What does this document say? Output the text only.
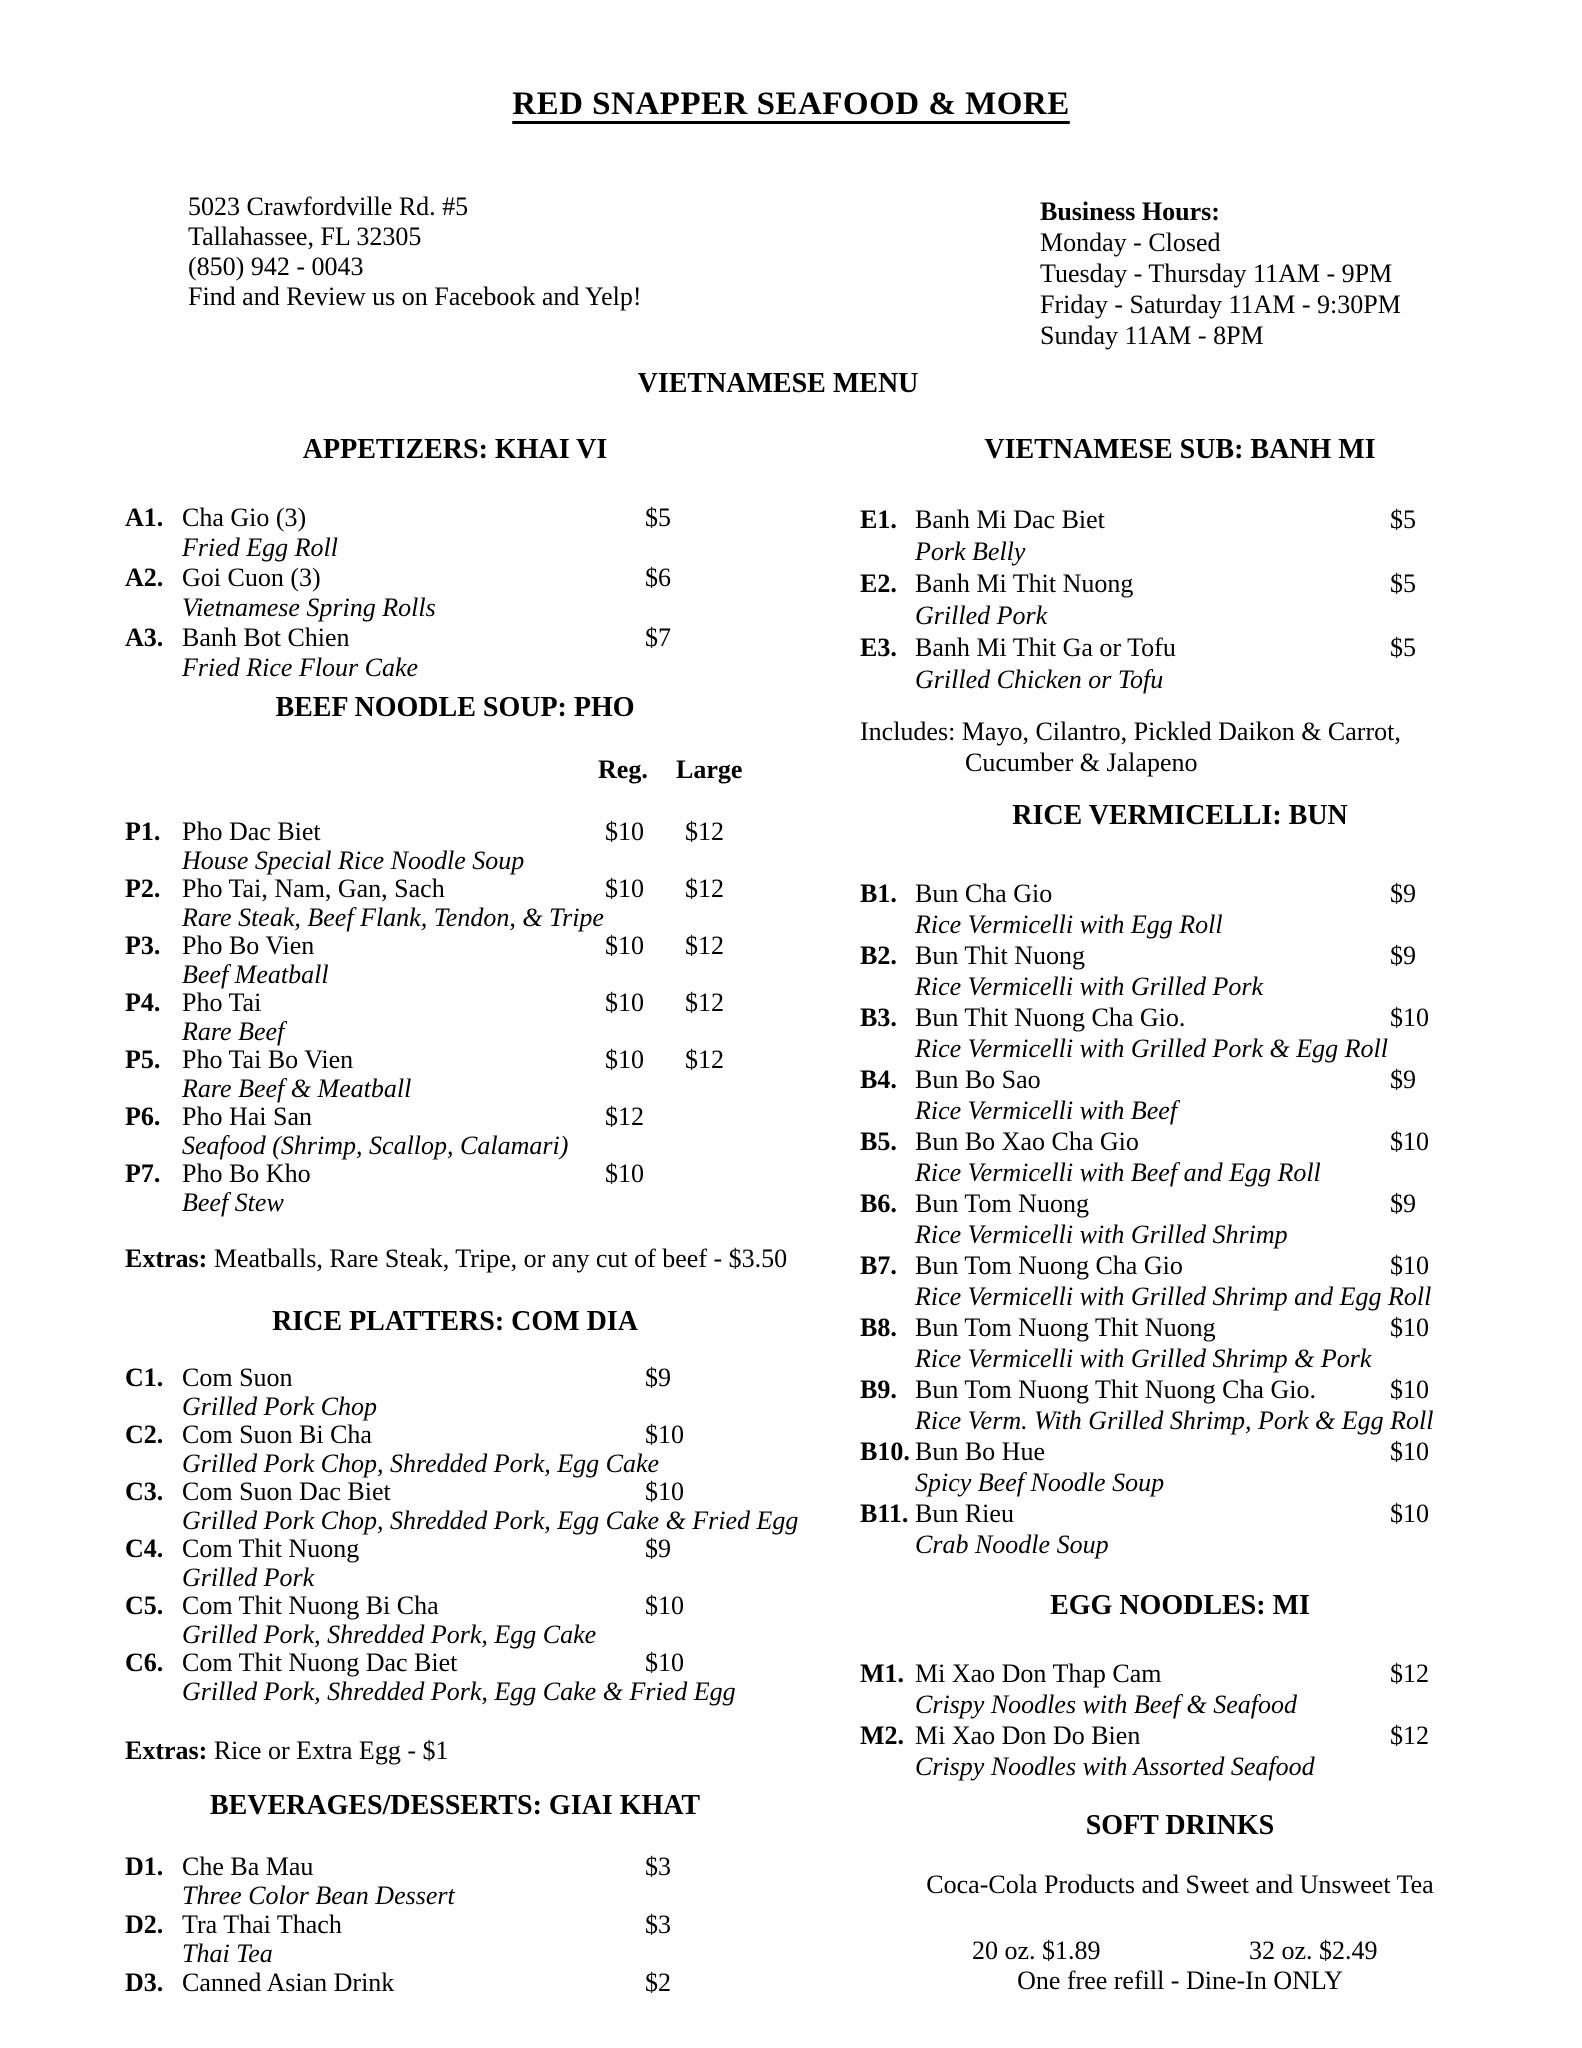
RED SNAPPER SEAFOOD & MORE
5023 Crawfordville Rd. #5
Tallahassee, FL 32305
(850) 942 - 0043
Find and Review us on Facebook and Yelp!
Business Hours:
Monday - Closed
Tuesday - Thursday 11AM - 9PM
Friday - Saturday 11AM - 9:30PM
Sunday 11AM - 8PM
VIETNAMESE MENU
APPETIZERS: KHAI VI
A1. Cha Gio (3)	$5
Fried Egg Roll
A2. Goi Cuon (3)	$6
Vietnamese Spring Rolls
A3. Banh Bot Chien	$7
Fried Rice Flour Cake
BEEF NOODLE SOUP: PHO
Reg. Large
P1. Pho Dac Biet	$10	$12
House Special Rice Noodle Soup
P2. Pho Tai, Nam, Gan, Sach	$10	$12
Rare Steak, Beef Flank, Tendon, & Tripe
P3. Pho Bo Vien	$10	$12
Beef Meatball
P4. Pho Tai	$10	$12
Rare Beef
P5. Pho Tai Bo Vien	$10	$12
Rare Beef & Meatball
P6. Pho Hai San	$12
Seafood (Shrimp, Scallop, Calamari)
P7. Pho Bo Kho	$10
Beef Stew
Extras: Meatballs, Rare Steak, Tripe, or any cut of beef - $3.50
RICE PLATTERS: COM DIA
C1. Com Suon	$9
Grilled Pork Chop
C2. Com Suon Bi Cha	$10
Grilled Pork Chop, Shredded Pork, Egg Cake
C3. Com Suon Dac Biet	$10
Grilled Pork Chop, Shredded Pork, Egg Cake & Fried Egg
C4. Com Thit Nuong	$9
Grilled Pork
C5. Com Thit Nuong Bi Cha	$10
Grilled Pork, Shredded Pork, Egg Cake
C6. Com Thit Nuong Dac Biet	$10
Grilled Pork, Shredded Pork, Egg Cake & Fried Egg
Extras: Rice or Extra Egg - $1
BEVERAGES/DESSERTS: GIAI KHAT
D1. Che Ba Mau	$3
Three Color Bean Dessert
D2. Tra Thai Thach	$3
Thai Tea
D3. Canned Asian Drink	$2
VIETNAMESE SUB: BANH MI
E1. Banh Mi Dac Biet	$5
Pork Belly
E2. Banh Mi Thit Nuong	$5
Grilled Pork
E3. Banh Mi Thit Ga or Tofu	$5
Grilled Chicken or Tofu
Includes: Mayo, Cilantro, Pickled Daikon & Carrot,
Cucumber & Jalapeno
RICE VERMICELLI: BUN
B1. Bun Cha Gio	$9
Rice Vermicelli with Egg Roll
B2. Bun Thit Nuong	$9
Rice Vermicelli with Grilled Pork
B3. Bun Thit Nuong Cha Gio.	$10
Rice Vermicelli with Grilled Pork & Egg Roll
B4. Bun Bo Sao	$9
Rice Vermicelli with Beef
B5. Bun Bo Xao Cha Gio	$10
Rice Vermicelli with Beef and Egg Roll
B6. Bun Tom Nuong	$9
Rice Vermicelli with Grilled Shrimp
B7. Bun Tom Nuong Cha Gio	$10
Rice Vermicelli with Grilled Shrimp and Egg Roll
B8. Bun Tom Nuong Thit Nuong	$10
Rice Vermicelli with Grilled Shrimp & Pork
B9. Bun Tom Nuong Thit Nuong Cha Gio.	$10
Rice Verm. With Grilled Shrimp, Pork & Egg Roll
B10. Bun Bo Hue	$10
Spicy Beef Noodle Soup
B11. Bun Rieu	$10
Crab Noodle Soup
EGG NOODLES: MI
M1. Mi Xao Don Thap Cam	$12
Crispy Noodles with Beef & Seafood
M2. Mi Xao Don Do Bien	$12
Crispy Noodles with Assorted Seafood
SOFT DRINKS
Coca-Cola Products and Sweet and Unsweet Tea
20 oz. $1.89	32 oz. $2.49
One free refill - Dine-In ONLY
